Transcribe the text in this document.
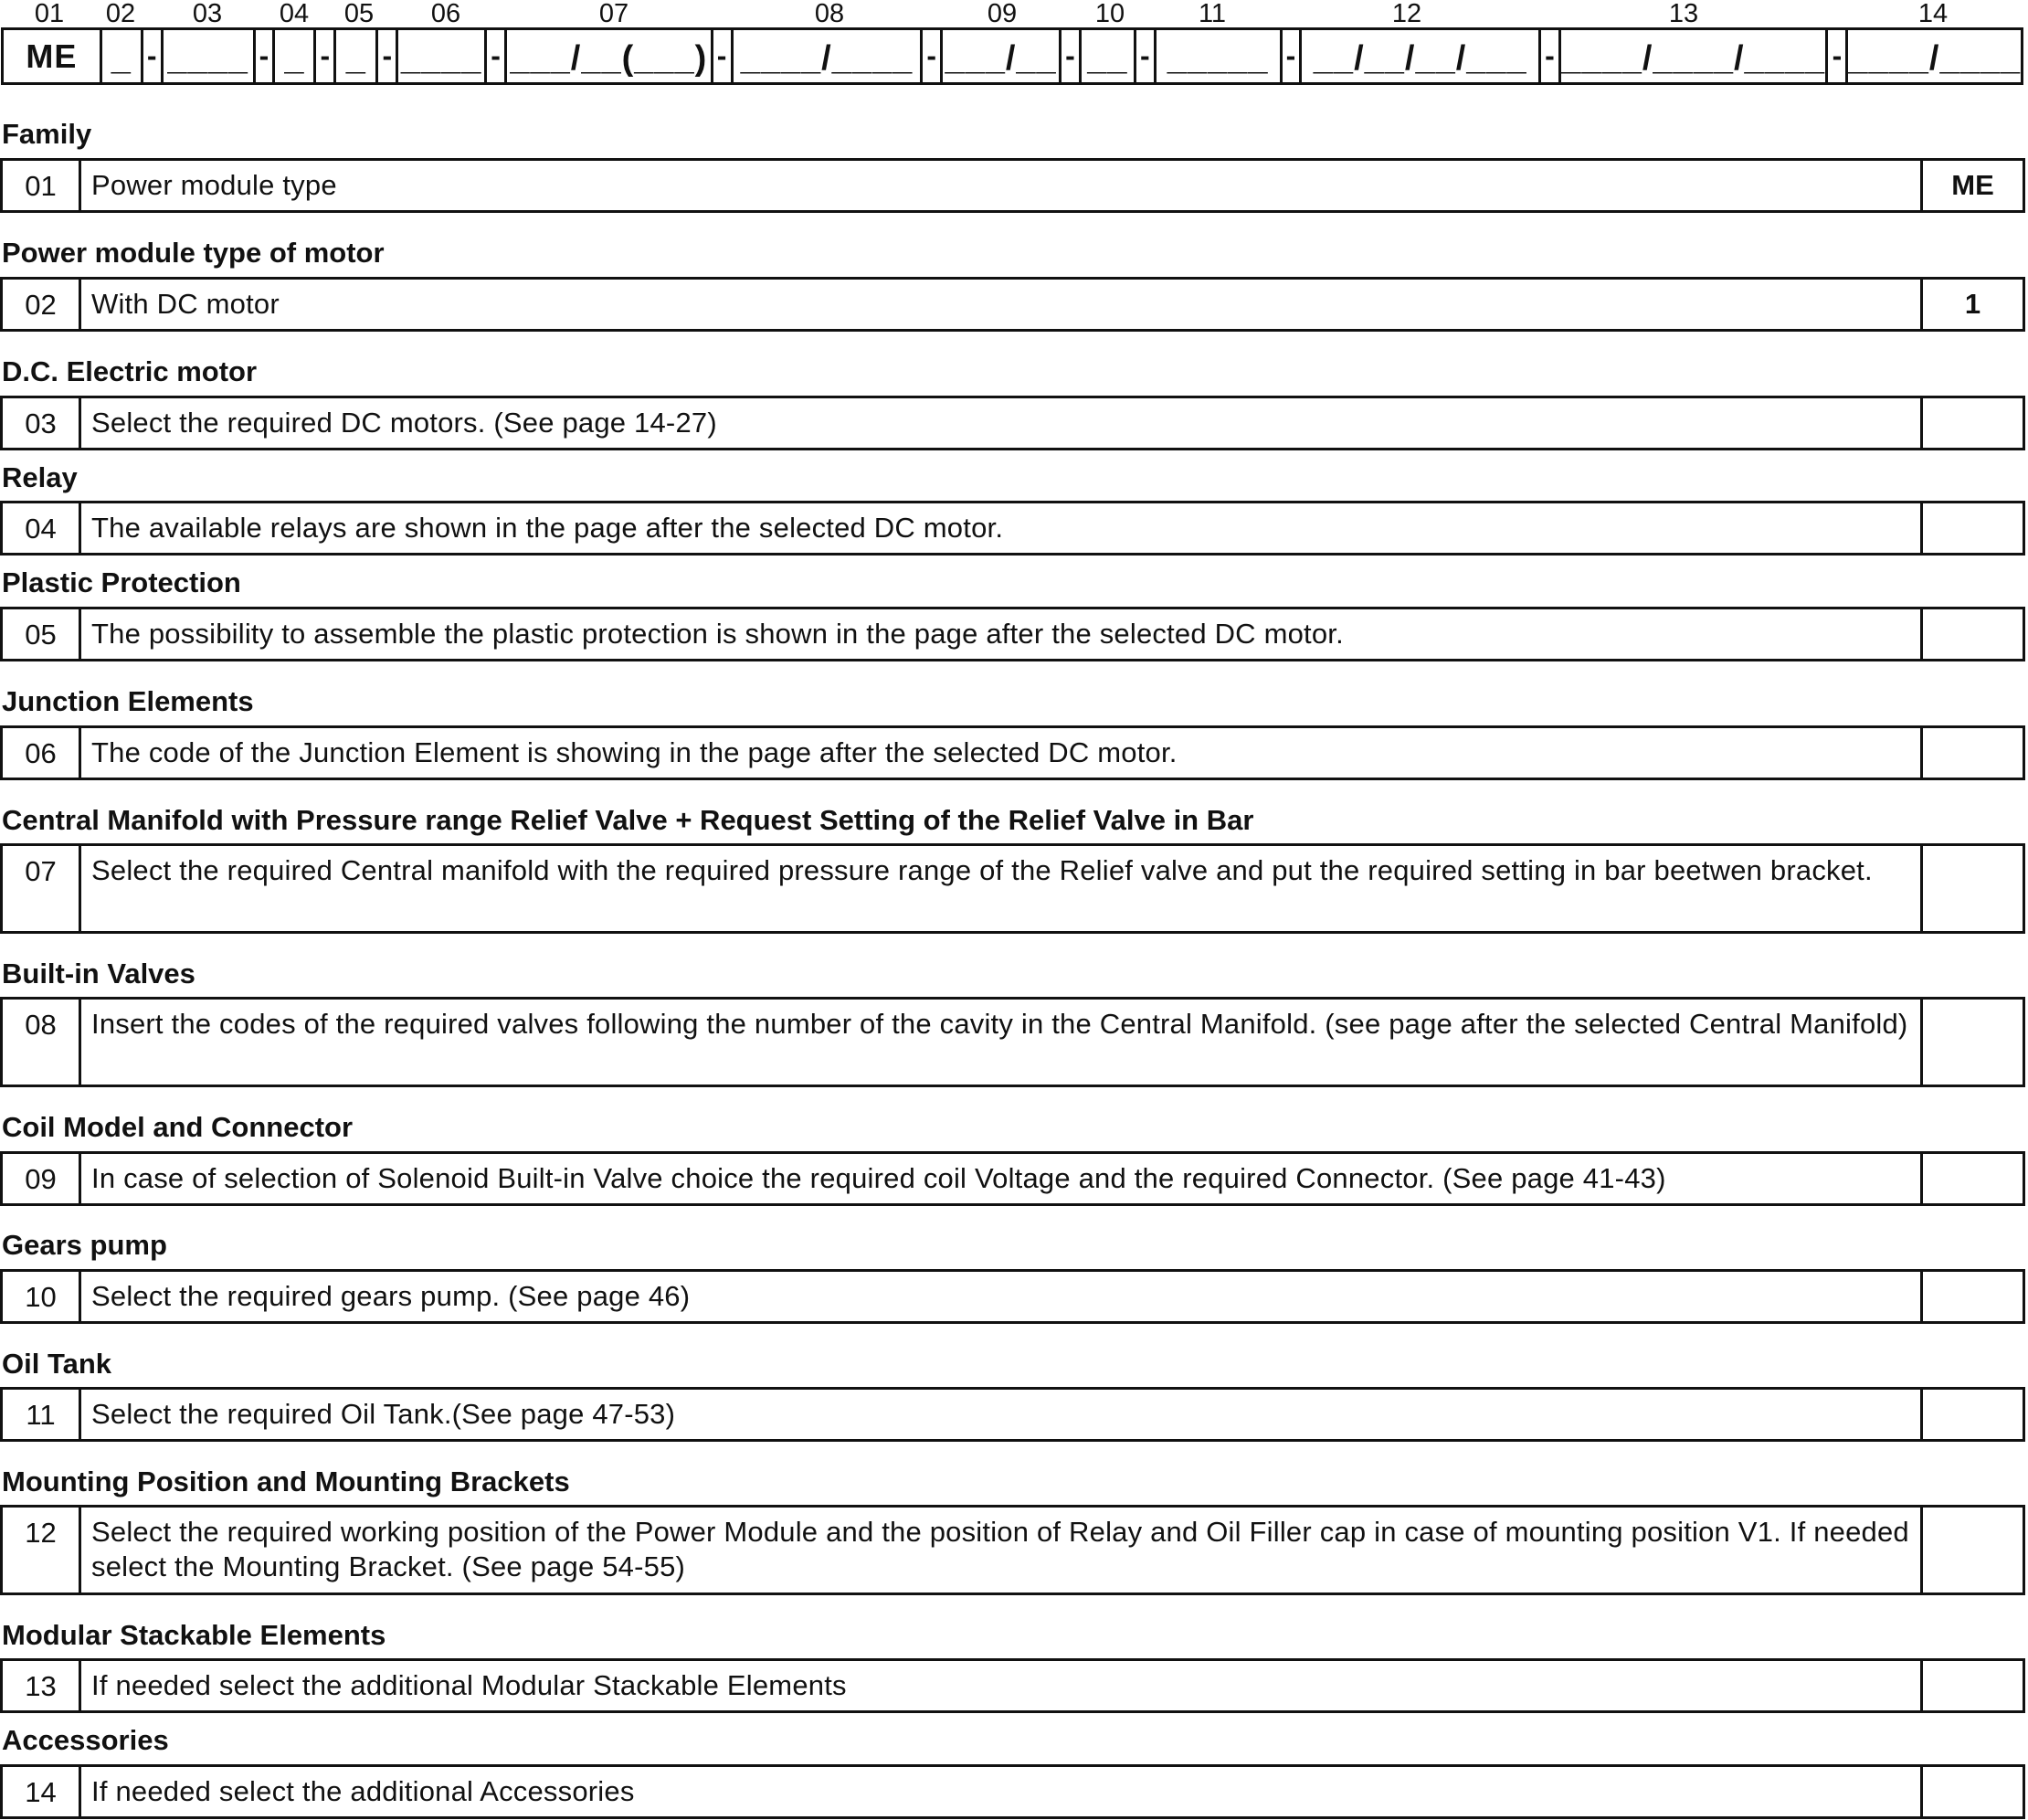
01 02 03 04 05 06	07	08	09	10	11	12	13	14
ME _ - ____ - _ - _ - ____ - ___/__(___) - ____/____ - ___/__ - __ - _____ - __/__/__/___ - ____/____/____ - ____/____
Family
01	Power module type	ME
Power module type of motor
02	With DC motor	1
D.C. Electric motor
03	Select the required DC motors. (See page 14-27)
Relay
04	The available relays are shown in the page after the selected DC motor.
Plastic Protection
05	The possibility to assemble the plastic protection is shown in the page after the selected DC motor.
Junction Elements
06	The code of the Junction Element is showing in the page after the selected DC motor.
Central Manifold with Pressure range Relief Valve + Request Setting of the Relief Valve in Bar
07	Select the required Central manifold with the required pressure range of the Relief valve and put the required setting in bar beetwen bracket.
Built-in Valves
08	Insert the codes of the required valves following the number of the cavity in the Central Manifold. (see page after the selected Central Manifold)
Coil Model and Connector
09	In case of selection of Solenoid Built-in Valve choice the required coil Voltage and the required Connector. (See page 41-43)
Gears pump
10	Select the required gears pump. (See page 46)
Oil Tank
11	Select the required Oil Tank.(See page 47-53)
Mounting Position and Mounting Brackets
12	Select the required working position of the Power Module and the position of Relay and Oil Filler cap in case of mounting position V1. If needed select the Mounting Bracket. (See page 54-55)
Modular Stackable Elements
13	If needed select the additional Modular Stackable Elements
Accessories
14	If needed select the additional Accessories
